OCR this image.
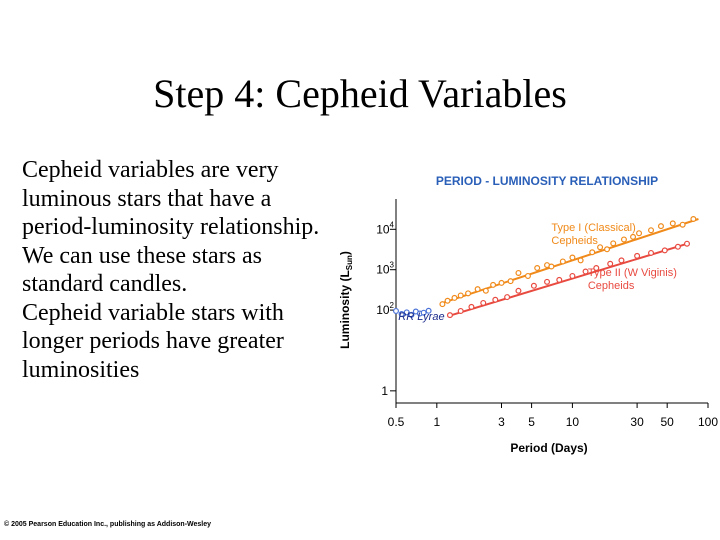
Step 4: Cepheid Variables

Cepheid variables are very luminous stars that have a period-luminosity relationship. We can use these stars as standard candles.

Cepheid variable stars with longer periods have greater luminosities

PERIOD - LUMINOSITY RELATIONSHIP
0.5 1	3 5	10	30 50 100
1
$10^2$
$10^3$
$10^4$	Type I (Classical)
Cepheids
Type II (W Viginis)
Cepheids
RR Lyrae
Period (Days)
Luminosity $(L_{Sun})$
© 2005 Pearson Education Inc., publishing as Addison-Wesley
